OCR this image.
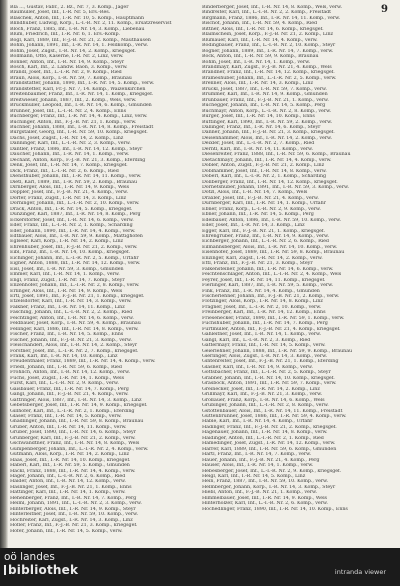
9

Bla ..., Gustav, Fabr., 2. Bz., Nr. 7, 3. Komp., Jäger

Baumüller, Josef, Inf., I.-R. Nr. 5, Ers.-Res.

Blaschek, Anton, Inf., I.-R. Nr. 10, 5. Komp., Hauptmann

Blindhuber, Ludwig, Korp., L.-I.-R. Nr. 2, 11. Komp., Ersatzreservist

Blöch, Franz, 1885, Inf., I.-R. Nr. 14, 3. Komp., Liebenau

Blum, Friedrich, Inf., I.-R. Nr. 6, 1. Ers.-Komp.

Bögl, Karl, 1889, Inf., F.-J.-B. Nr. 21, 2. Komp., Mauthausen

Böhm, Johann, 1891, Inf., I.-R. Nr. 14, 1. Feldkomp., verw.

Böhm, Josef, Zugsf., I.-R. Nr. 14, 2. Komp., kriegsgef.

Bollmann, Otto, Kaserne, I.-R. Nr. 2, Linz, verw.

Bonner, Anton, Inf., I.-R. Nr. 14, 9. Komp., Steyr

Bosch, Karl, Inf., 2. Landw. Baon, 3. Komp., verw.

Brandl, Josef, Inf., L.-I.-R. Nr. 2, 9. Komp., Ried

Braun, Alois, Korp., I.-R. Nr. 59, 7. Komp., Braunau

Brandstätter, Johann, 1890, Inf., I.-R. Nr. 14, 5. Komp., verw.

Brandstetter, Karl, Fr.-J. Nr. 7, 14. Komp., Waizenkirchen

Breitenbaumer, Franz, Inf., I.-R. Nr. 14, 1. Komp., kriegsgef.

Breitwieser, Johann, 1887, Inf., 2. Komp., Wels, verw.

Bruckmüller, Leopold, Inf., I.-R. Nr. 14, 6. Komp., Gmunden

Brunner, Josef, Inf., L.-I.-R. Nr. 2, 4. Komp., Enns

Buchberger, Franz, Inf., I.-R. Nr. 14, 4. Komp., Linz, verw.

Buchinger, Anton, Inf., F.-J.-B. Nr. 21, 1. Komp., verw.

Buchner, Johann, 1888, Inf., I.-R. Nr. 14, 8. Komp., Freistadt

Burgstaller, Georg, Inf., I.-R. Nr. 59, 10. Komp., kriegsgef.

Dachs, Josef, Zugsf., I.-R. Nr. 14, 2. Komp., Linz

Danninger, Karl, Inf., L.-I.-R. Nr. 2, 3. Komp., verw.

Dantler, Franz, 1886, Inf., I.-R. Nr. 14, 12. Komp., Steyr

Daucher, Johann, Inf., I.-R. Nr. 14, 1. Komp., verw.

Dechant, Anton, Korp., F.-J.-B. Nr. 21, 3. Komp., Eferding

Denk, Josef, Inf., I.-R. Nr. 14, 7. Komp., kriegsgef.

Dick, Franz, Inf., L.-I.-R. Nr. 2, 6. Komp., Ried

Diensthuber, Johann, Inf., I.-R. Nr. 14, 11. Komp., verw.

Dietl, Karl, 1889, Inf., I.-R. Nr. 59, 2. Komp., Braunau

Dirnberger, Alois, Inf., I.-R. Nr. 14, 9. Komp., Wels

Doppler, Josef, Inf., F.-J.-B. Nr. 21, 4. Komp., verw.

Dorfer, Franz, Zugsf., I.-R. Nr. 14, 3. Komp., Linz

Dorninger, Johann, Inf., L.-I.-R. Nr. 2, 10. Komp., verw.

Drack, Anton, Inf., I.-R. Nr. 14, 5. Komp., kriegsgef.

Dunzinger, Karl, 1887, Inf., I.-R. Nr. 14, 8. Komp., Perg

Eckerstorfer, Josef, Inf., I.-R. Nr. 14, 6. Komp., verw.

Eder, Franz, Inf., L.-I.-R. Nr. 2, 1. Komp., Schärding

Eder, Johann, 1890, Inf., I.-R. Nr. 14, 4. Komp., verw.

Edtbauer, Alois, Inf., I.-R. Nr. 59, 9. Komp., Mattighofen

Eglseer, Karl, Korp., I.-R. Nr. 14, 2. Komp., Linz

Ehrenhuber, Josef, Inf., F.-J.-B. Nr. 21, 2. Komp., verw.

Eibl, Franz, Inf., I.-R. Nr. 14, 10. Komp., kriegsgef.

Eichinger, Johann, Inf., L.-I.-R. Nr. 2, 5. Komp., Urfahr

Eigner, Anton, 1888, Inf., I.-R. Nr. 14, 12. Komp., verw.

Eisl, Josef, Inf., I.-R. Nr. 59, 3. Komp., Gmunden

Emmer, Karl, Inf., I.-R. Nr. 14, 1. Komp., verw.

Engl, Franz, Zugsf., I.-R. Nr. 14, 7. Komp., Steyr

Enzenhofer, Johann, Inf., L.-I.-R. Nr. 2, 8. Komp., verw.

Erlinger, Alois, Inf., I.-R. Nr. 14, 9. Komp., Wels

Ertl, Josef, 1891, Inf., F.-J.-B. Nr. 21, 1. Komp., kriegsgef.

Etzelsdorfer, Karl, Inf., I.-R. Nr. 14, 3. Komp., verw.

Falkner, Franz, Inf., I.-R. Nr. 14, 11. Komp., Linz

Fasching, Johann, Inf., L.-I.-R. Nr. 2, 2. Komp., Ried

Feichtinger, Anton, Inf., I.-R. Nr. 14, 6. Komp., verw.

Feldbauer, Josef, Korp., I.-R. Nr. 59, 4. Komp., Braunau

Fellinger, Karl, 1886, Inf., I.-R. Nr. 14, 8. Komp., verw.

Fischer, Franz, Inf., I.-R. Nr. 14, 5. Komp., Enns

Fischer, Johann, Inf., F.-J.-B. Nr. 21, 3. Komp., verw.

Fleischanderl, Alois, Inf., I.-R. Nr. 14, 2. Komp., Steyr

Forstner, Josef, Inf., L.-I.-R. Nr. 2, 7. Komp., kriegsgef.

Frank, Karl, Inf., I.-R. Nr. 14, 10. Komp., Linz

Freudenthaler, Franz, 1889, Inf., I.-R. Nr. 14, 4. Komp., verw.

Friedl, Johann, Inf., I.-R. Nr. 59, 6. Komp., Ried

Fröhlich, Anton, Inf., I.-R. Nr. 14, 12. Komp., verw.

Fuchs, Josef, Zugsf., I.-R. Nr. 14, 1. Komp., Wels

Fürst, Karl, Inf., L.-I.-R. Nr. 2, 9. Komp., verw.

Gaisbauer, Franz, Inf., I.-R. Nr. 14, 7. Komp., Perg

Gangl, Johann, Inf., F.-J.-B. Nr. 21, 4. Komp., verw.

Gattringer, Alois, 1887, Inf., I.-R. Nr. 14, 3. Komp., Linz

Gebetsberger, Josef, Inf., I.-R. Nr. 14, 9. Komp., kriegsgef.

Gillhofer, Karl, Inf., L.-I.-R. Nr. 2, 1. Komp., Eferding

Glaser, Franz, Inf., I.-R. Nr. 14, 5. Komp., verw.

Gnadlinger, Johann, Inf., I.-R. Nr. 59, 8. Komp., Braunau

Gruber, Anton, Inf., I.-R. Nr. 14, 11. Komp., verw.

Gruber, Josef, 1890, Inf., I.-R. Nr. 14, 6. Komp., Steyr

Grünberger, Karl, Inf., F.-J.-B. Nr. 21, 2. Komp., verw.

Gschwandtner, Franz, Inf., I.-R. Nr. 14, 8. Komp., Wels

Gumpenberger, Johann, Inf., L.-I.-R. Nr. 2, 4. Komp., verw.

Gutmann, Alois, Korp., I.-R. Nr. 14, 2. Komp., Linz

Haas, Josef, Inf., I.-R. Nr. 14, 10. Komp., kriegsgef.

Haberl, Karl, Inf., I.-R. Nr. 59, 5. Komp., Gmunden

Hackl, Franz, 1888, Inf., I.-R. Nr. 14, 4. Komp., verw.

Hager, Johann, Inf., L.-I.-R. Nr. 2, 6. Komp., Ried

Haider, Anton, Inf., I.-R. Nr. 14, 12. Komp., verw.

Haslinger, Josef, Inf., F.-J.-B. Nr. 21, 1. Komp., Enns

Hattinger, Karl, Inf., I.-R. Nr. 14, 1. Komp., verw.

Hehenberger, Franz, Inf., I.-R. Nr. 14, 7. Komp., Perg

Heiml, Johann, 1891, Inf., L.-I.-R. Nr. 2, 3. Komp., verw.

Hinterberger, Alois, Inf., I.-R. Nr. 14, 9. Komp., Steyr

Hinterleitner, Josef, Inf., I.-R. Nr. 59, 10. Komp., verw.

Hochreiter, Karl, Zugsf., I.-R. Nr. 14, 3. Komp., Linz

Höfler, Franz, Inf., F.-J.-B. Nr. 21, 3. Komp., kriegsgef.

Hofer, Johann, Inf., I.-R. Nr. 14, 5. Komp., verw.

Binderberger, Josef, Inf., I.-R. Nr. 14, 8. Komp., Wels, verw.

Bindreiter, Karl, Inf., L.-I.-R. Nr. 2, 2. Komp., Freistadt

Birgmann, Franz, 1886, Inf., I.-R. Nr. 14, 11. Komp., verw.

Bischof, Johann, Inf., I.-R. Nr. 59, 4. Komp., Ried

Bittner, Alois, Inf., I.-R. Nr. 14, 6. Komp., kriegsgef.

Blaimschein, Josef, Korp., F.-J.-B. Nr. 21, 2. Komp., Linz

Blumauer, Karl, Inf., I.-R. Nr. 14, 4. Komp., verw.

Bodingbauer, Franz, Inf., L.-I.-R. Nr. 2, 10. Komp., Steyr

Bogner, Johann, 1889, Inf., I.-R. Nr. 14, 7. Komp., verw.

Böck, Anton, Inf., I.-R. Nr. 59, 9. Komp., Braunau

Böhm, Josef, Inf., I.-R. Nr. 14, 1. Komp., verw.

Brandmayr, Karl, Zugsf., F.-J.-B. Nr. 21, 4. Komp., Wels

Brandner, Franz, Inf., I.-R. Nr. 14, 12. Komp., kriegsgef.

Brameshuber, Johann, Inf., L.-I.-R. Nr. 2, 5. Komp., verw.

Brenner, Alois, Inf., I.-R. Nr. 14, 3. Komp., Linz

Brückl, Josef, 1887, Inf., I.-R. Nr. 59, 7. Komp., verw.

Brummer, Karl, Inf., I.-R. Nr. 14, 9. Komp., Gmunden

Brunbauer, Franz, Inf., F.-J.-B. Nr. 21, 1. Komp., verw.

Buchegger, Johann, Inf., I.-R. Nr. 14, 5. Komp., Perg

Buchmayr, Anton, Korp., L.-I.-R. Nr. 2, 8. Komp., verw.

Burger, Josef, Inf., I.-R. Nr. 14, 10. Komp., Enns

Buttinger, Karl, 1890, Inf., I.-R. Nr. 59, 2. Komp., verw.

Dallinger, Franz, Inf., I.-R. Nr. 14, 6. Komp., Steyr

Danner, Johann, Inf., F.-J.-B. Nr. 21, 3. Komp., kriegsgef.

Deisenhammer, Alois, Inf., I.-R. Nr. 14, 2. Komp., verw.

Deixler, Josef, Inf., L.-I.-R. Nr. 2, 7. Komp., Ried

Derntl, Karl, Inf., I.-R. Nr. 14, 11. Komp., verw.

Diesenreiter, Franz, 1888, Inf., I.-R. Nr. 59, 6. Komp., Braunau

Dietachmayr, Johann, Inf., I.-R. Nr. 14, 4. Komp., verw.

Dobler, Anton, Zugsf., F.-J.-B. Nr. 21, 2. Komp., Linz

Doblhammer, Josef, Inf., I.-R. Nr. 14, 8. Komp., verw.

Döberl, Karl, Inf., L.-I.-R. Nr. 2, 1. Komp., Schärding

Dollberger, Franz, Inf., I.-R. Nr. 14, 12. Komp., kriegsgef.

Dornetshuber, Johann, 1891, Inf., I.-R. Nr. 59, 3. Komp., verw.

Dötzl, Alois, Inf., I.-R. Nr. 14, 7. Komp., Wels

Draxler, Josef, Inf., F.-J.-B. Nr. 21, 4. Komp., verw.

Dürnberger, Karl, Inf., I.-R. Nr. 14, 1. Komp., Urfahr

Ebner, Franz, Korp., L.-I.-R. Nr. 2, 9. Komp., verw.

Ebner, Johann, Inf., I.-R. Nr. 14, 5. Komp., Perg

Edelbauer, Anton, 1886, Inf., I.-R. Nr. 59, 10. Komp., verw.

Eder, Josef, Inf., I.-R. Nr. 14, 3. Komp., Linz

Egger, Karl, Inf., F.-J.-B. Nr. 21, 1. Komp., kriegsgef.

Ehrengruber, Franz, Inf., I.-R. Nr. 14, 9. Komp., verw.

Eichberger, Johann, Inf., L.-I.-R. Nr. 2, 6. Komp., Ried

Eilmannsberger, Alois, Inf., I.-R. Nr. 14, 10. Komp., verw.

Eisenhofer, Josef, 1889, Inf., I.-R. Nr. 59, 8. Komp., Braunau

Enzinger, Karl, Zugsf., I.-R. Nr. 14, 2. Komp., verw.

Ettl, Franz, Inf., F.-J.-B. Nr. 21, 3. Komp., Steyr

Falkensteiner, Johann, Inf., I.-R. Nr. 14, 6. Komp., verw.

Feichtenschlager, Anton, Inf., L.-I.-R. Nr. 2, 4. Komp., Wels

Feyrer, Josef, Inf., I.-R. Nr. 14, 11. Komp., kriegsgef.

Fierlinger, Karl, 1887, Inf., I.-R. Nr. 59, 5. Komp., verw.

Fink, Franz, Inf., I.-R. Nr. 14, 4. Komp., Gmunden

Fischerlehner, Johann, Inf., F.-J.-B. Nr. 21, 2. Komp., verw.

Flotzinger, Alois, Korp., I.-R. Nr. 14, 8. Komp., Linz

Fragner, Josef, Inf., L.-I.-R. Nr. 2, 10. Komp., verw.

Freinberger, Karl, Inf., I.-R. Nr. 14, 12. Komp., Enns

Friesenecker, Franz, 1890, Inf., I.-R. Nr. 59, 1. Komp., verw.

Fuchshuber, Johann, Inf., I.-R. Nr. 14, 7. Komp., Perg

Furtmüller, Anton, Inf., F.-J.-B. Nr. 21, 4. Komp., kriegsgef.

Gahleitner, Josef, Inf., I.-R. Nr. 14, 1. Komp., verw.

Gangl, Karl, Inf., L.-I.-R. Nr. 2, 3. Komp., Ried

Gattermayr, Franz, Inf., I.-R. Nr. 14, 5. Komp., verw.

Geierlehner, Johann, 1888, Inf., I.-R. Nr. 59, 9. Komp., Braunau

Gierlinger, Alois, Zugsf., I.-R. Nr. 14, 3. Komp., verw.

Gintenreiter, Josef, Inf., F.-J.-B. Nr. 21, 1. Komp., Eferding

Glasner, Karl, Inf., I.-R. Nr. 14, 9. Komp., verw.

Gottsbacher, Franz, Inf., L.-I.-R. Nr. 2, 5. Komp., Steyr

Grabner, Johann, Inf., I.-R. Nr. 14, 10. Komp., kriegsgef.

Grasböck, Anton, 1891, Inf., I.-R. Nr. 59, 7. Komp., verw.

Greinecker, Josef, Inf., I.-R. Nr. 14, 2. Komp., Linz

Grillmayr, Karl, Inf., F.-J.-B. Nr. 21, 3. Komp., verw.

Großauer, Franz, Korp., I.-R. Nr. 14, 6. Komp., Wels

Grubinger, Johann, Inf., L.-I.-R. Nr. 2, 8. Komp., verw.

Gstöttenbauer, Alois, Inf., I.-R. Nr. 14, 11. Komp., Freistadt

Guttenbrunner, Josef, 1886, Inf., I.-R. Nr. 59, 4. Komp., verw.

Hable, Karl, Inf., I.-R. Nr. 14, 4. Komp., Urfahr

Hadinger, Franz, Inf., F.-J.-B. Nr. 21, 2. Komp., kriegsgef.

Hagenauer, Johann, Inf., I.-R. Nr. 14, 8. Komp., verw.

Haidinger, Anton, Inf., L.-I.-R. Nr. 2, 1. Komp., Ried

Hamedinger, Josef, Zugsf., I.-R. Nr. 14, 12. Komp., verw.

Harrer, Karl, 1889, Inf., I.-R. Nr. 59, 6. Komp., Gmunden

Hartl, Franz, Inf., I.-R. Nr. 14, 7. Komp., verw.

Hauer, Johann, Inf., F.-J.-B. Nr. 21, 4. Komp., Perg

Hauser, Alois, Inf., I.-R. Nr. 14, 1. Komp., verw.

Hebesberger, Josef, Inf., L.-I.-R. Nr. 2, 9. Komp., kriegsgef.

Heigl, Karl, Inf., I.-R. Nr. 14, 5. Komp., Linz

Hein, Franz, 1887, Inf., I.-R. Nr. 59, 10. Komp., verw.

Helmberger, Johann, Korp., I.-R. Nr. 14, 3. Komp., Steyr

Hiebl, Anton, Inf., F.-J.-B. Nr. 21, 1. Komp., verw.

Himmelbauer, Josef, Inf., I.-R. Nr. 14, 9. Komp., Wels

Hinterholzer, Karl, Inf., L.-I.-R. Nr. 2, 6. Komp., verw.

Hochedlinger, Franz, 1890, Inf., I.-R. Nr. 14, 10. Komp., Enns

oö landes
bibliothek	intranda viewer
